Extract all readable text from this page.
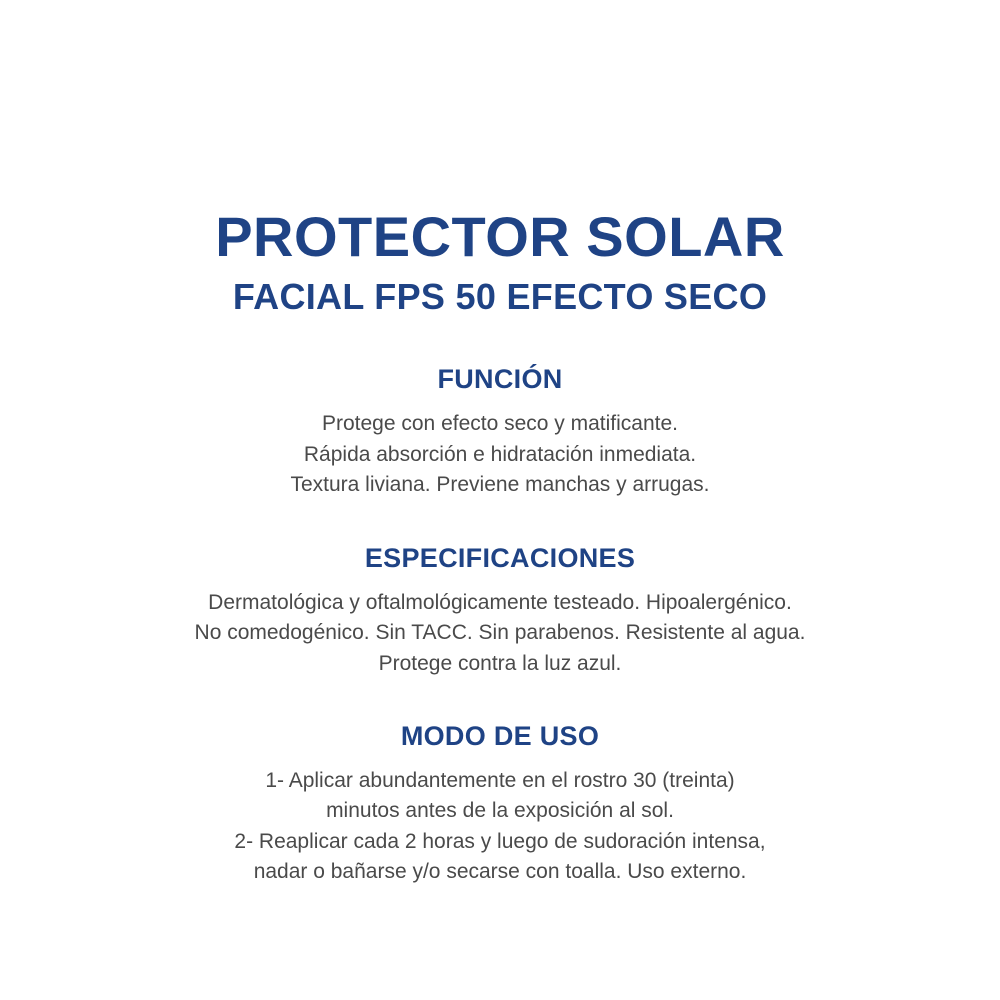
PROTECTOR SOLAR
FACIAL FPS 50 EFECTO SECO
FUNCIÓN
Protege con efecto seco y matificante.
Rápida absorción e hidratación inmediata.
Textura liviana. Previene manchas y arrugas.
ESPECIFICACIONES
Dermatológica y oftalmológicamente testeado. Hipoalergénico.
No comedogénico. Sin TACC. Sin parabenos. Resistente al agua.
Protege contra la luz azul.
MODO DE USO
1- Aplicar abundantemente en el rostro 30 (treinta)
minutos antes de la exposición al sol.
2- Reaplicar cada 2 horas y luego de sudoración intensa,
nadar o bañarse y/o secarse con toalla. Uso externo.
